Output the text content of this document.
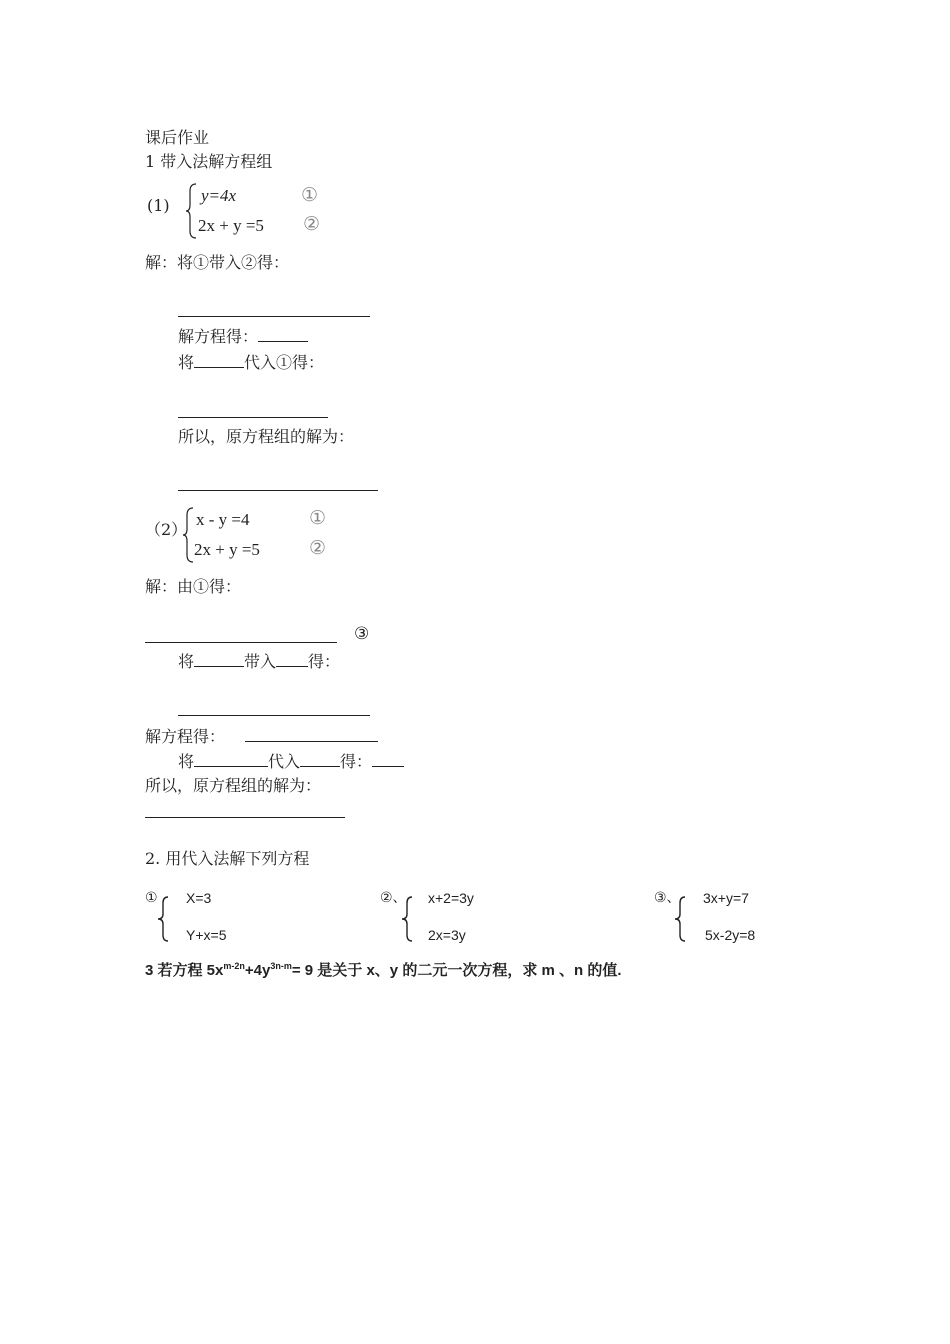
课后作业
1 带入法解方程组
(1)
y=4x	①
2x + y =5 ②
解：将①带入②得：
解方程得：
将	代入①得：
所以，原方程组的解为：
（2）
x - y =4	①
2x + y =5	②
解：由①得：
③
将	带入 得：
解方程得：
将	代入	得：
所以，原方程组的解为：
2. 用代入法解下列方程
① X=3
Y+x=5
②、 x+2=3y
2x=3y
③、 3x+y=7
5x-2y=8
3 若方程 $5x^{m-2n}+4y^{3n-m}= 9$ 是关于 x、y 的二元一次方程，求 m 、n 的值.
